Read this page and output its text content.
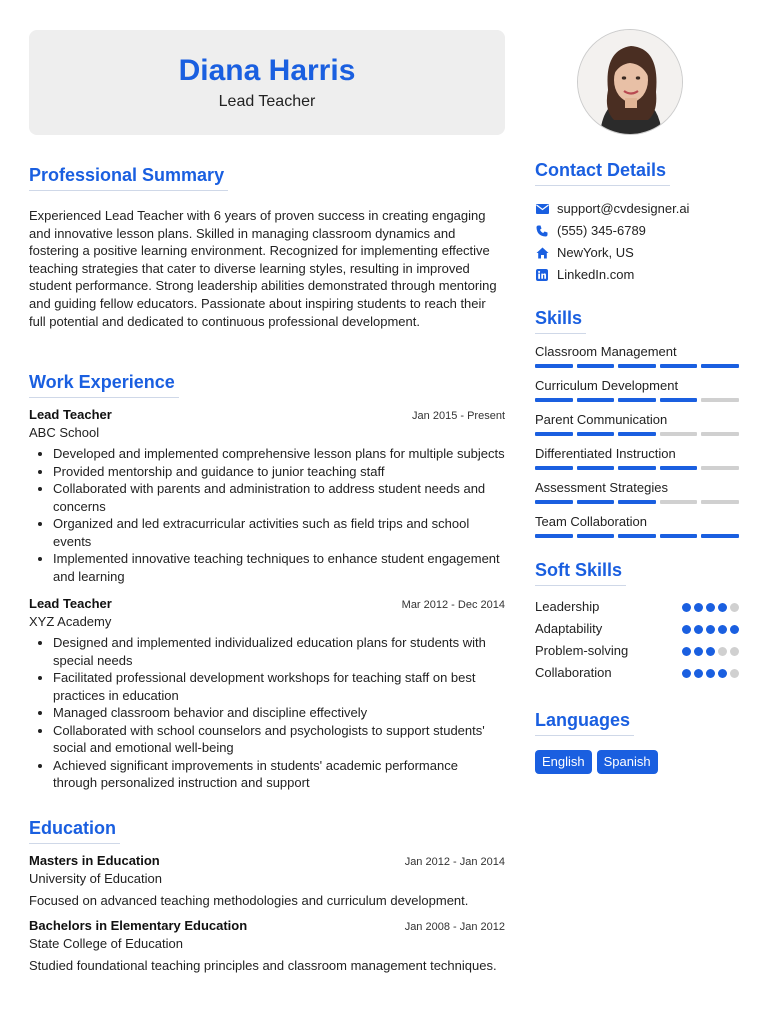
Diana Harris
Lead Teacher
Professional Summary

Experienced Lead Teacher with 6 years of proven success in creating engaging and innovative lesson plans. Skilled in managing classroom dynamics and fostering a positive learning environment. Recognized for implementing effective teaching strategies that cater to diverse learning styles, resulting in improved student performance. Strong leadership abilities demonstrated through mentoring and guiding fellow educators. Passionate about inspiring students to reach their full potential and dedicated to continuous professional development.

Work Experience
Lead Teacher	Jan 2015 - Present
ABC School
• Developed and implemented comprehensive lesson plans for multiple subjects
• Provided mentorship and guidance to junior teaching staff
• Collaborated with parents and administration to address student needs and concerns
• Organized and led extracurricular activities such as field trips and school events
• Implemented innovative teaching techniques to enhance student engagement and learning
Lead Teacher	Mar 2012 - Dec 2014
XYZ Academy
• Designed and implemented individualized education plans for students with special needs
• Facilitated professional development workshops for teaching staff on best practices in education
• Managed classroom behavior and discipline effectively
• Collaborated with school counselors and psychologists to support students' social and emotional well-being
• Achieved significant improvements in students' academic performance through personalized instruction and support
Education
Masters in Education	Jan 2012 - Jan 2014
University of Education

Focused on advanced teaching methodologies and curriculum development.

Bachelors in Elementary Education	Jan 2008 - Jan 2012
State College of Education

Studied foundational teaching principles and classroom management techniques.

Contact Details
support@cvdesigner.ai
(555) 345-6789
NewYork, US
LinkedIn.com
Skills
Classroom Management
Curriculum Development
Parent Communication
Differentiated Instruction
Assessment Strategies
Team Collaboration
Soft Skills
Leadership
Adaptability
Problem-solving
Collaboration
Languages
English	Spanish
